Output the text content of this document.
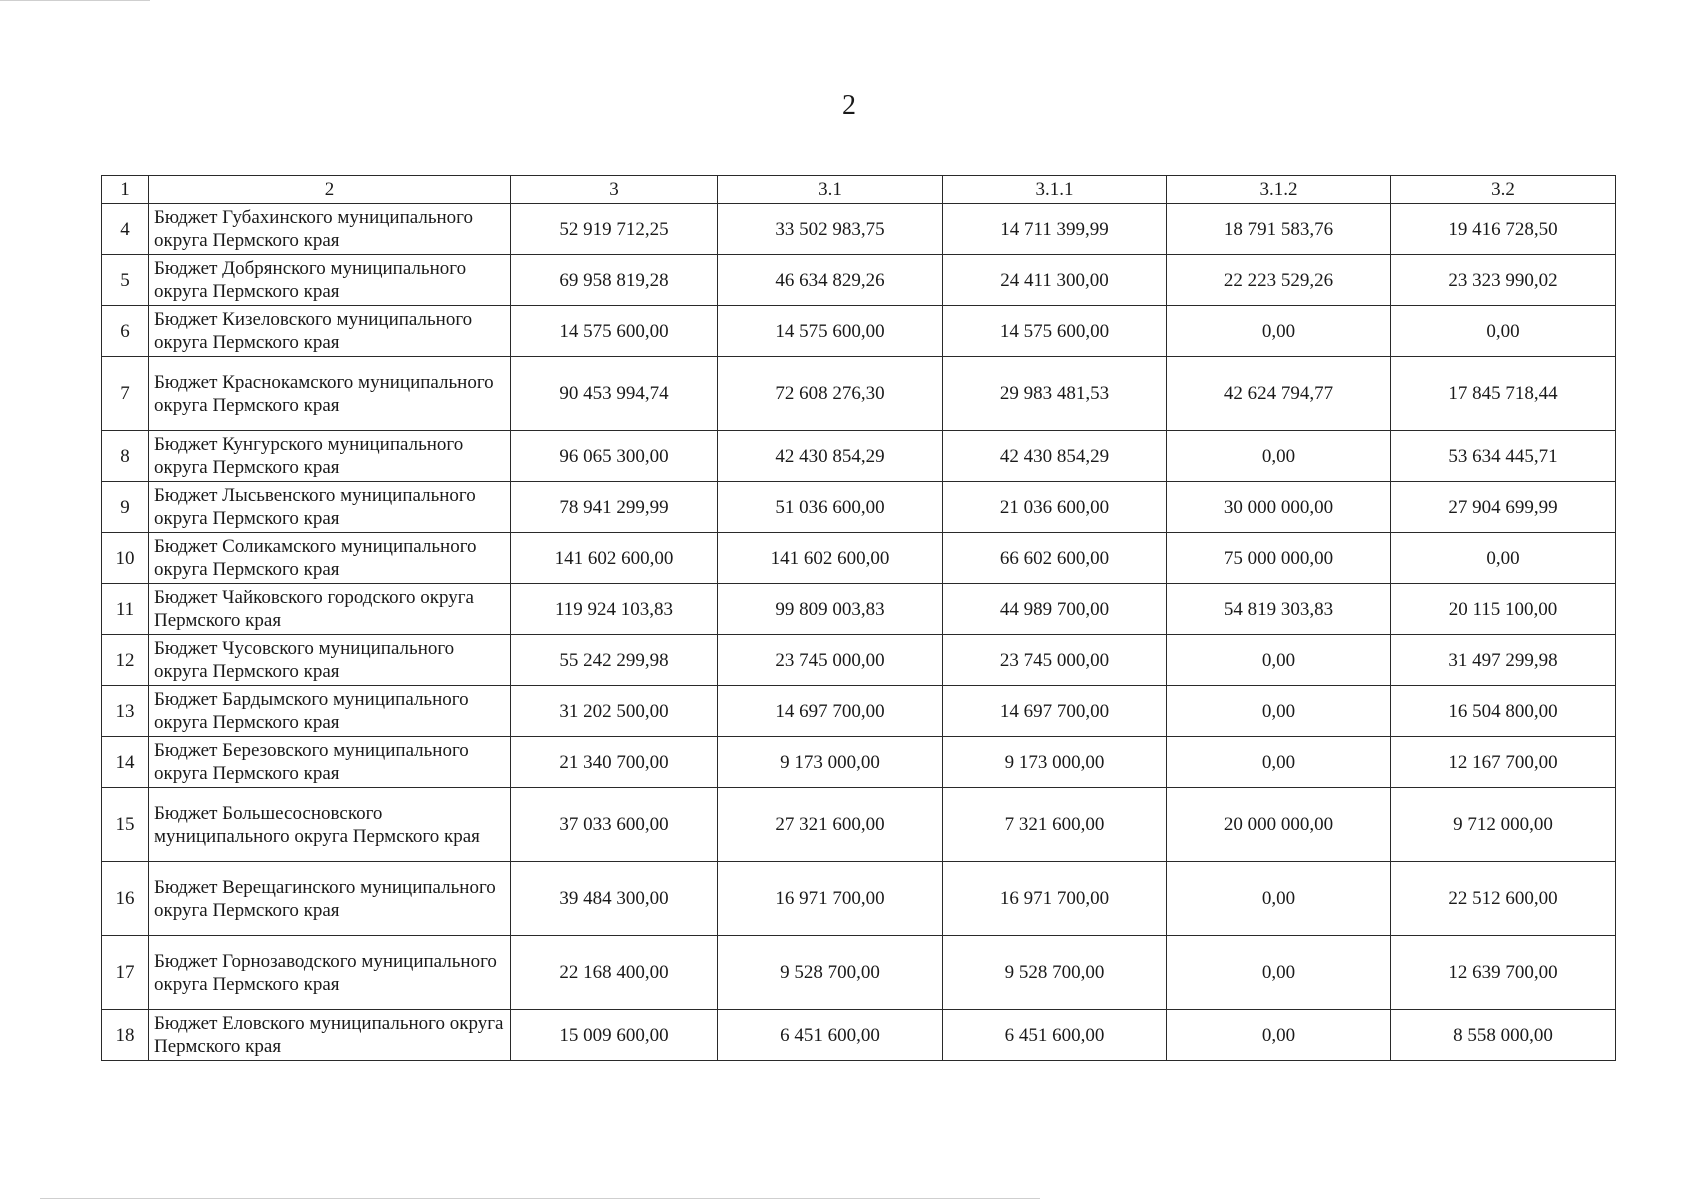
2
1	2	3	3.1	3.1.1	3.1.2	3.2
4	Бюджет Губахинского муниципального округа Пермского края	52 919 712,25	33 502 983,75	14 711 399,99	18 791 583,76	19 416 728,50
5	Бюджет Добрянского муниципального округа Пермского края	69 958 819,28	46 634 829,26	24 411 300,00	22 223 529,26	23 323 990,02
6	Бюджет Кизеловского муниципального округа Пермского края	14 575 600,00	14 575 600,00	14 575 600,00	0,00	0,00
7	Бюджет Краснокамского муниципального округа Пермского края	90 453 994,74	72 608 276,30	29 983 481,53	42 624 794,77	17 845 718,44
8	Бюджет Кунгурского муниципального округа Пермского края	96 065 300,00	42 430 854,29	42 430 854,29	0,00	53 634 445,71
9	Бюджет Лысьвенского муниципального округа Пермского края	78 941 299,99	51 036 600,00	21 036 600,00	30 000 000,00	27 904 699,99
10	Бюджет Соликамского муниципального округа Пермского края	141 602 600,00	141 602 600,00	66 602 600,00	75 000 000,00	0,00
11	Бюджет Чайковского городского округа Пермского края	119 924 103,83	99 809 003,83	44 989 700,00	54 819 303,83	20 115 100,00
12	Бюджет Чусовского муниципального округа Пермского края	55 242 299,98	23 745 000,00	23 745 000,00	0,00	31 497 299,98
13	Бюджет Бардымского муниципального округа Пермского края	31 202 500,00	14 697 700,00	14 697 700,00	0,00	16 504 800,00
14	Бюджет Березовского муниципального округа Пермского края	21 340 700,00	9 173 000,00	9 173 000,00	0,00	12 167 700,00
15	Бюджет Большесосновского муниципального округа Пермского края	37 033 600,00	27 321 600,00	7 321 600,00	20 000 000,00	9 712 000,00
16	Бюджет Верещагинского муниципального округа Пермского края	39 484 300,00	16 971 700,00	16 971 700,00	0,00	22 512 600,00
17	Бюджет Горнозаводского муниципального округа Пермского края	22 168 400,00	9 528 700,00	9 528 700,00	0,00	12 639 700,00
18	Бюджет Еловского муниципального округа Пермского края	15 009 600,00	6 451 600,00	6 451 600,00	0,00	8 558 000,00
